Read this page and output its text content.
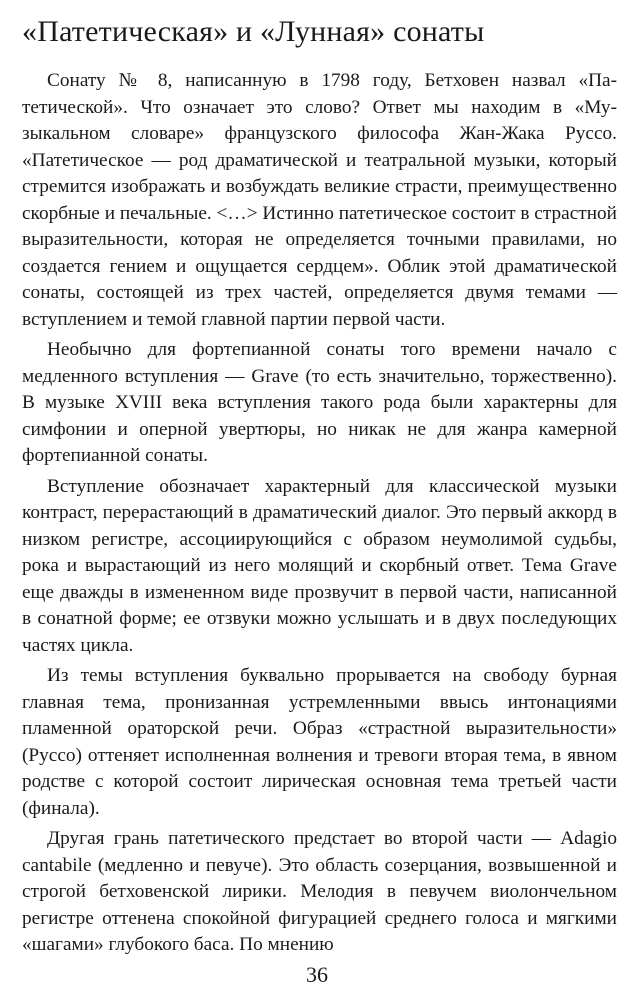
«Патетическая» и «Лунная» сонаты

Сонату № 8, написанную в 1798 году, Бетховен назвал «Патетической». Что означает это слово? Ответ мы находим в «Музыкальном словаре» французского философа Жан-Жака Руссо. «Патетическое — род драматической и театральной музыки, который стремится изображать и возбуждать великие страсти, преимущественно скорбные и печальные. <…> Истинно патетическое состоит в страстной выразительности, которая не определяется точными правилами, но создается гением и ощущается сердцем». Облик этой драматической сонаты, состоящей из трех частей, определяется двумя темами — вступлением и темой главной партии первой части.

Необычно для фортепианной сонаты того времени начало с медленного вступления — Grave (то есть значительно, торжественно). В музыке XVIII века вступления такого рода были характерны для симфонии и оперной увертюры, но никак не для жанра камерной фортепианной сонаты.

Вступление обозначает характерный для классической музыки контраст, перерастающий в драматический диалог. Это первый аккорд в низком регистре, ассоциирующийся с образом неумолимой судьбы, рока и вырастающий из него молящий и скорбный ответ. Тема Grave еще дважды в измененном виде прозвучит в первой части, написанной в сонатной форме; ее отзвуки можно услышать и в двух последующих частях цикла.

Из темы вступления буквально прорывается на свободу бурная главная тема, пронизанная устремленными ввысь интонациями пламенной ораторской речи. Образ «страстной выразительности» (Руссо) оттеняет исполненная волнения и тревоги вторая тема, в явном родстве с которой состоит лирическая основная тема третьей части (финала).

Другая грань патетического предстает во второй части — Adagio cantabile (медленно и певуче). Это область созерцания, возвышенной и строгой бетховенской лирики. Мелодия в певучем виолончельном регистре оттенена спокойной фигурацией среднего голоса и мягкими «шагами» глубокого баса. По мнению

36
